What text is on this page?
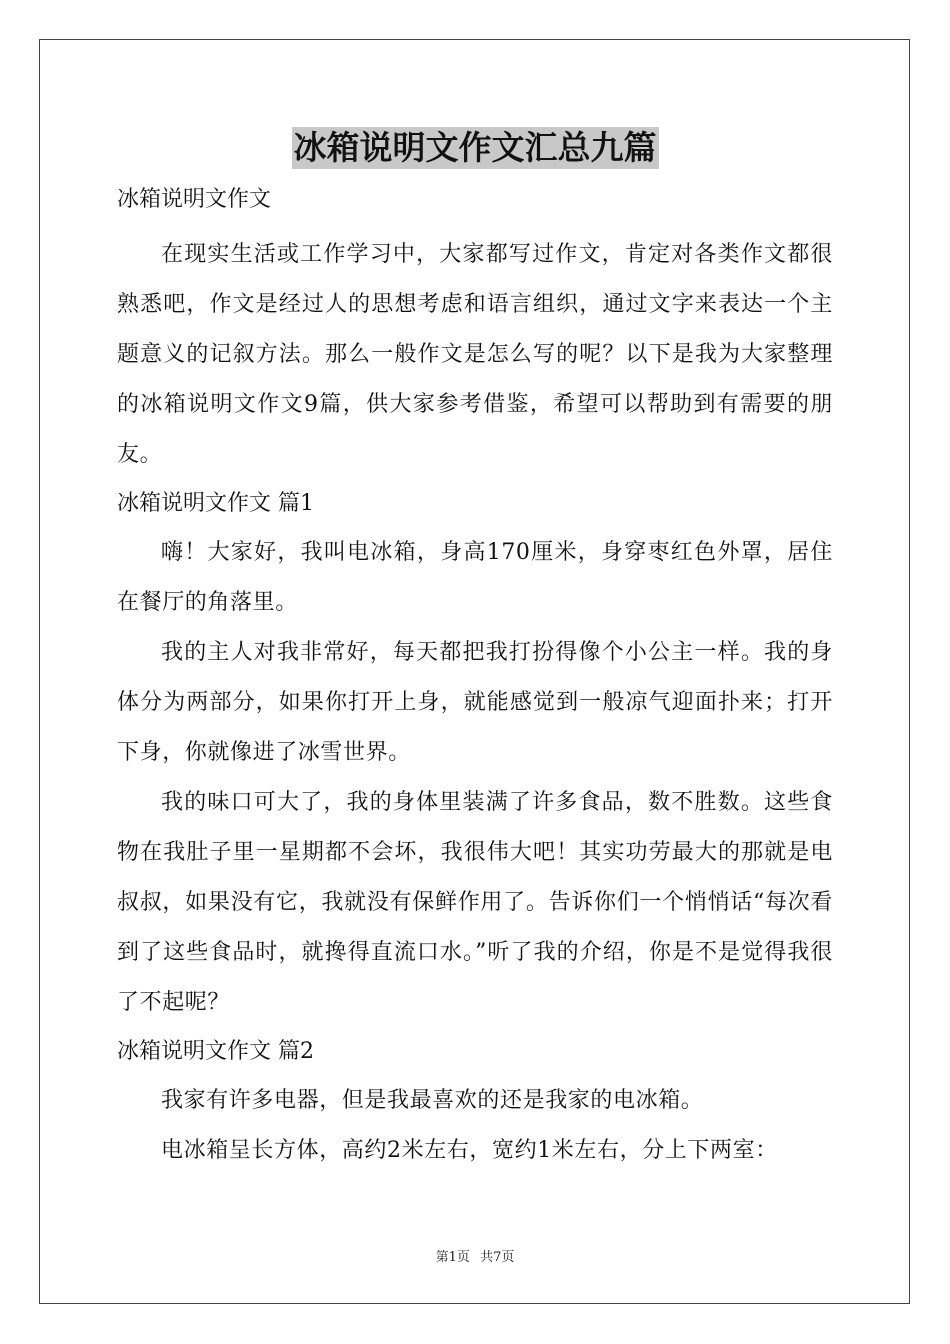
冰箱说明文作文汇总九篇

冰箱说明文作文

在现实生活或工作学习中，大家都写过作文，肯定对各类作文都很熟悉吧，作文是经过人的思想考虑和语言组织，通过文字来表达一个主题意义的记叙方法。那么一般作文是怎么写的呢？以下是我为大家整理的冰箱说明文作文9篇，供大家参考借鉴，希望可以帮助到有需要的朋友。

冰箱说明文作文 篇1

嗨！大家好，我叫电冰箱，身高170厘米，身穿枣红色外罩，居住在餐厅的角落里。

我的主人对我非常好，每天都把我打扮得像个小公主一样。我的身体分为两部分，如果你打开上身，就能感觉到一般凉气迎面扑来；打开下身，你就像进了冰雪世界。

我的味口可大了，我的身体里装满了许多食品，数不胜数。这些食物在我肚子里一星期都不会坏，我很伟大吧！其实功劳最大的那就是电叔叔，如果没有它，我就没有保鲜作用了。告诉你们一个悄悄话“每次看到了这些食品时，就搀得直流口水。”听了我的介绍，你是不是觉得我很了不起呢？

冰箱说明文作文 篇2

我家有许多电器，但是我最喜欢的还是我家的电冰箱。

电冰箱呈长方体，高约2米左右，宽约1米左右，分上下两室：

第1页 共7页
